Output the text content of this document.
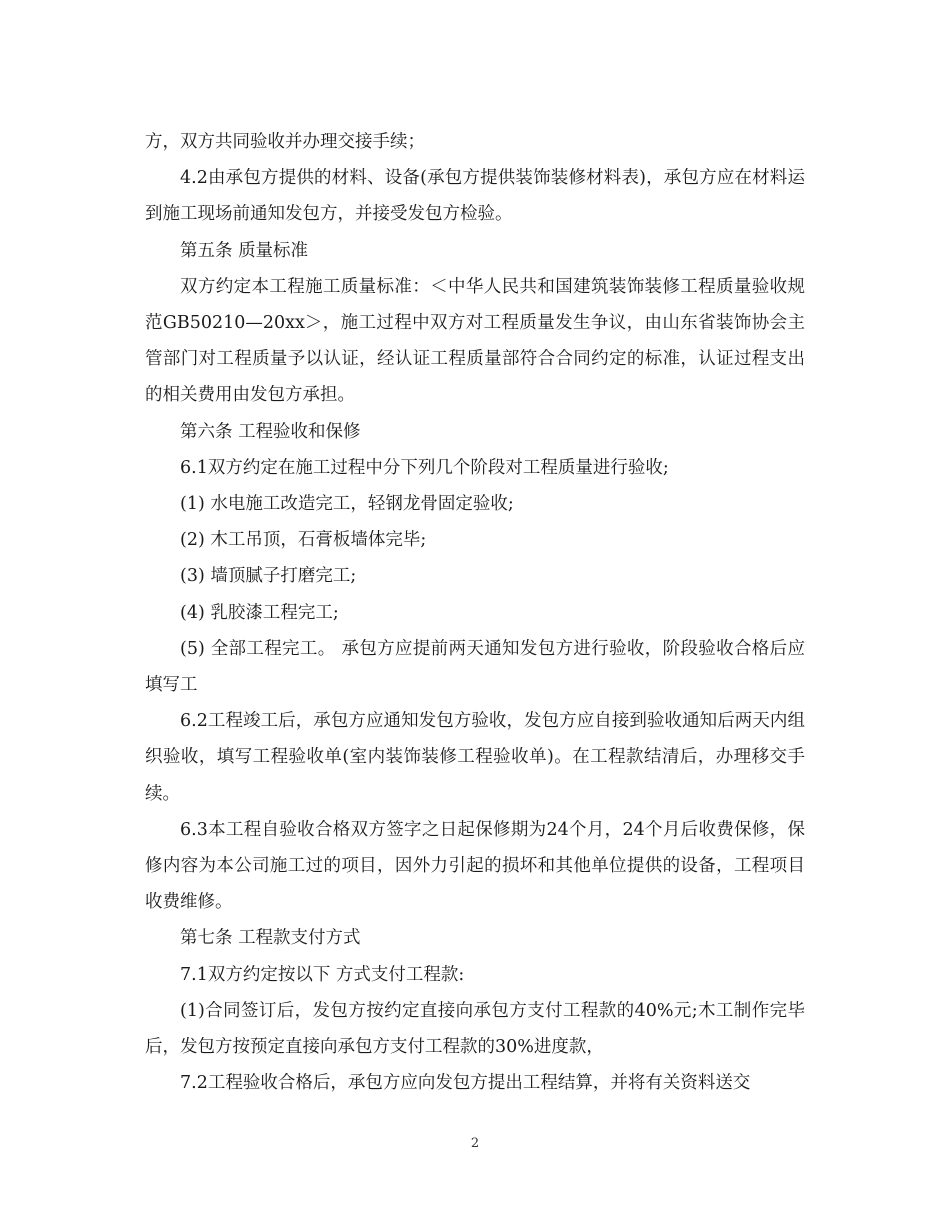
方，双方共同验收并办理交接手续；

4.2由承包方提供的材料、设备(承包方提供装饰装修材料表)，承包方应在材料运到施工现场前通知发包方，并接受发包方检验。

第五条 质量标准

双方约定本工程施工质量标准：＜中华人民共和国建筑装饰装修工程质量验收规范GB50210—20xx＞，施工过程中双方对工程质量发生争议，由山东省装饰协会主管部门对工程质量予以认证，经认证工程质量部符合合同约定的标准，认证过程支出的相关费用由发包方承担。

第六条 工程验收和保修

6.1双方约定在施工过程中分下列几个阶段对工程质量进行验收;

(1) 水电施工改造完工，轻钢龙骨固定验收;

(2) 木工吊顶，石膏板墙体完毕;

(3) 墙顶腻子打磨完工;

(4) 乳胶漆工程完工;

(5) 全部工程完工。 承包方应提前两天通知发包方进行验收，阶段验收合格后应填写工

6.2工程竣工后，承包方应通知发包方验收，发包方应自接到验收通知后两天内组织验收，填写工程验收单(室内装饰装修工程验收单)。在工程款结清后，办理移交手续。

6.3本工程自验收合格双方签字之日起保修期为24个月，24个月后收费保修，保修内容为本公司施工过的项目，因外力引起的损坏和其他单位提供的设备，工程项目收费维修。

第七条 工程款支付方式

7.1双方约定按以下 方式支付工程款:

(1)合同签订后，发包方按约定直接向承包方支付工程款的40%元;木工制作完毕后，发包方按预定直接向承包方支付工程款的30%进度款，

7.2工程验收合格后，承包方应向发包方提出工程结算，并将有关资料送交

2
